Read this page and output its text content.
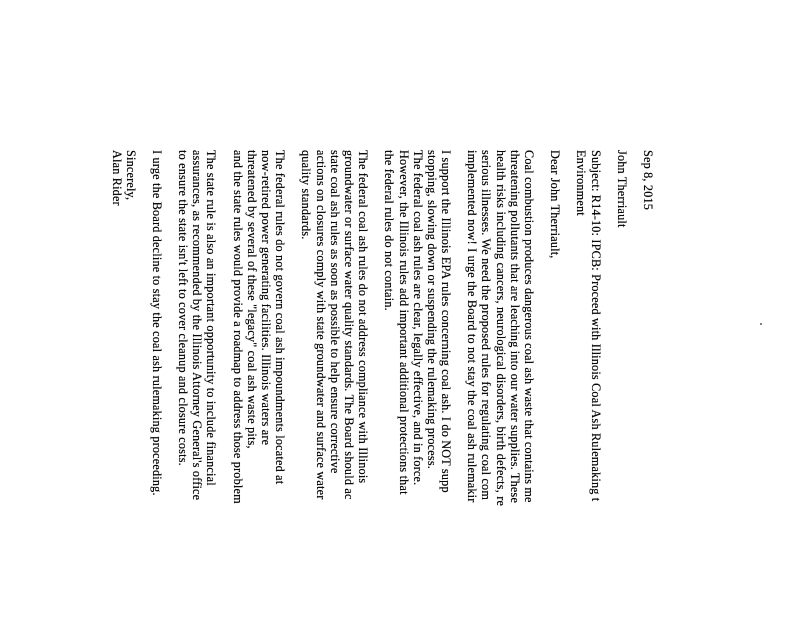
Sep 8, 2015
John Therriault
Subject: R14-10: IPCB: Proceed with Illinois Coal Ash Rulemaking t
Environment
Dear John Therriault,
Coal combustion produces dangerous coal ash waste that contains me
threatening pollutants that are leaching into our water supplies. These
health risks including cancers, neurological disorders, birth defects, re
serious illnesses. We need the proposed rules for regulating coal com
implemented now! I urge the Board to not stay the coal ash rulemakir
I support the Illinois EPA rules concerning coal ash. I do NOT supp
stopping, slowing down or suspending the rulemaking process.
The federal coal ash rules are clear, legally effective, and in force.
However, the Illinois rules add important additional protections that
the federal rules do not contain.
The federal coal ash rules do not address compliance with Illinois
groundwater or surface water quality standards. The Board should ac
state coal ash rules as soon as possible to help ensure corrective
actions on closures comply with state groundwater and surface water
quality standards.
The federal rules do not govern coal ash impoundments located at
now-retired power generating facilities. Illinois waters are
threatened by several of these "legacy" coal ash waste pits,
and the state rules would provide a roadmap to address those problem
The state rule is also an important opportunity to include financial
assurances, as recommended by the Illinois Attorney General's office
to ensure the state isn't left to cover cleanup and closure costs.
I urge the Board decline to stay the coal ash rulemaking proceeding.
Sincerely,
Alan Rider
